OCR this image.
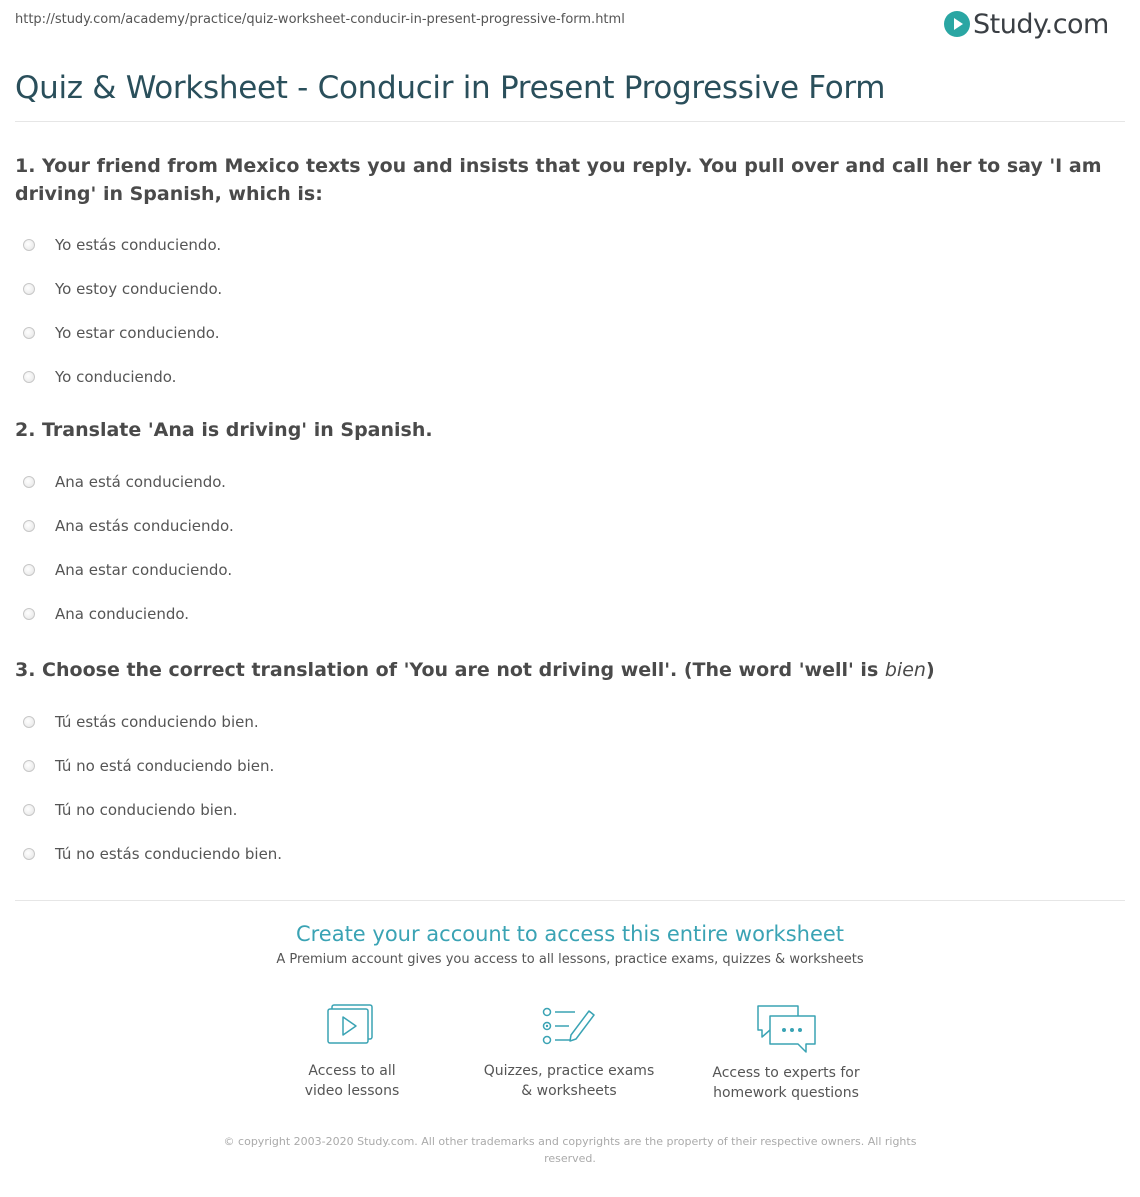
http://study.com/academy/practice/quiz-worksheet-conducir-in-present-progressive-form.html	Study.com
Quiz & Worksheet - Conducir in Present Progressive Form
1. Your friend from Mexico texts you and insists that you reply. You pull over and call her to say 'I am driving' in Spanish, which is:
Yo estás conduciendo.
Yo estoy conduciendo.
Yo estar conduciendo.
Yo conduciendo.
2. Translate 'Ana is driving' in Spanish.
Ana está conduciendo.
Ana estás conduciendo.
Ana estar conduciendo.
Ana conduciendo.
3. Choose the correct translation of 'You are not driving well'. (The word 'well' is bien)
Tú estás conduciendo bien.
Tú no está conduciendo bien.
Tú no conduciendo bien.
Tú no estás conduciendo bien.
Create your account to access this entire worksheet
A Premium account gives you access to all lessons, practice exams, quizzes & worksheets
Access to all
video lessons
Quizzes, practice exams
& worksheets
Access to experts for
homework questions
© copyright 2003-2020 Study.com. All other trademarks and copyrights are the property of their respective owners. All rights reserved.
